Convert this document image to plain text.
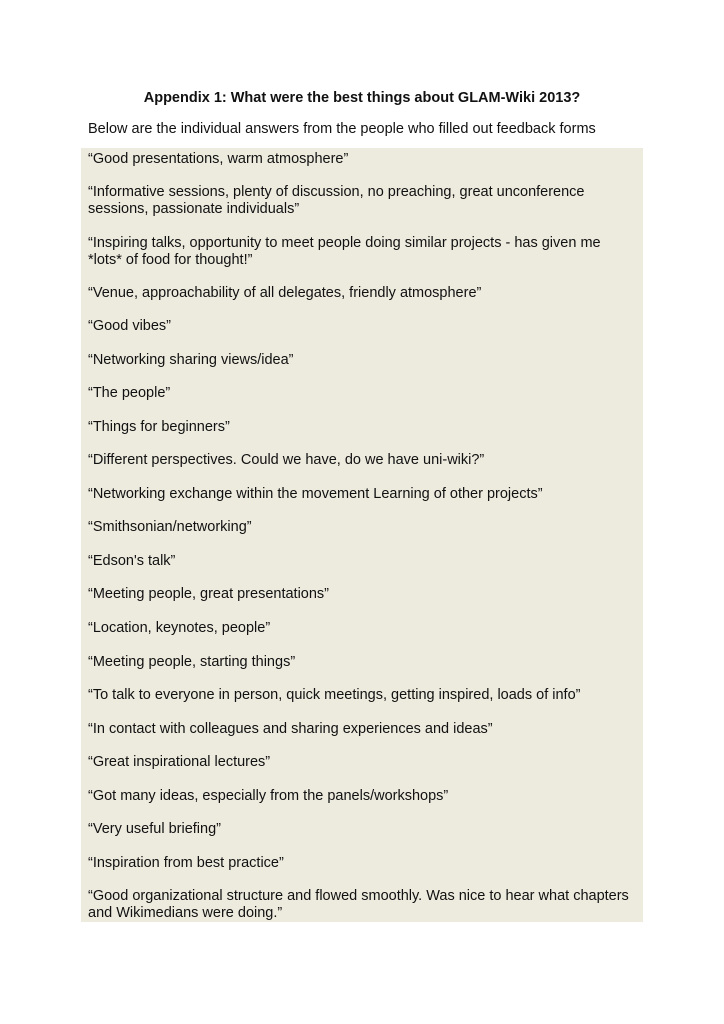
Appendix 1: What were the best things about GLAM-Wiki 2013?

Below are the individual answers from the people who filled out feedback forms

“Good presentations, warm atmosphere”

“Informative sessions, plenty of discussion, no preaching, great unconference sessions, passionate individuals”

“Inspiring talks, opportunity to meet people doing similar projects - has given me *lots* of food for thought!”

“Venue, approachability of all delegates, friendly atmosphere”

“Good vibes”

“Networking sharing views/idea”

“The people”

“Things for beginners”

“Different perspectives. Could we have, do we have uni-wiki?”

“Networking exchange within the movement Learning of other projects”

“Smithsonian/networking”

“Edson's talk”

“Meeting people, great presentations”

“Location, keynotes, people”

“Meeting people, starting things”

“To talk to everyone in person, quick meetings, getting inspired, loads of info”

“In contact with colleagues and sharing experiences and ideas”

“Great inspirational lectures”

“Got many ideas, especially from the panels/workshops”

“Very useful briefing”

“Inspiration from best practice”

“Good organizational structure and flowed smoothly. Was nice to hear what chapters and Wikimedians were doing.”
